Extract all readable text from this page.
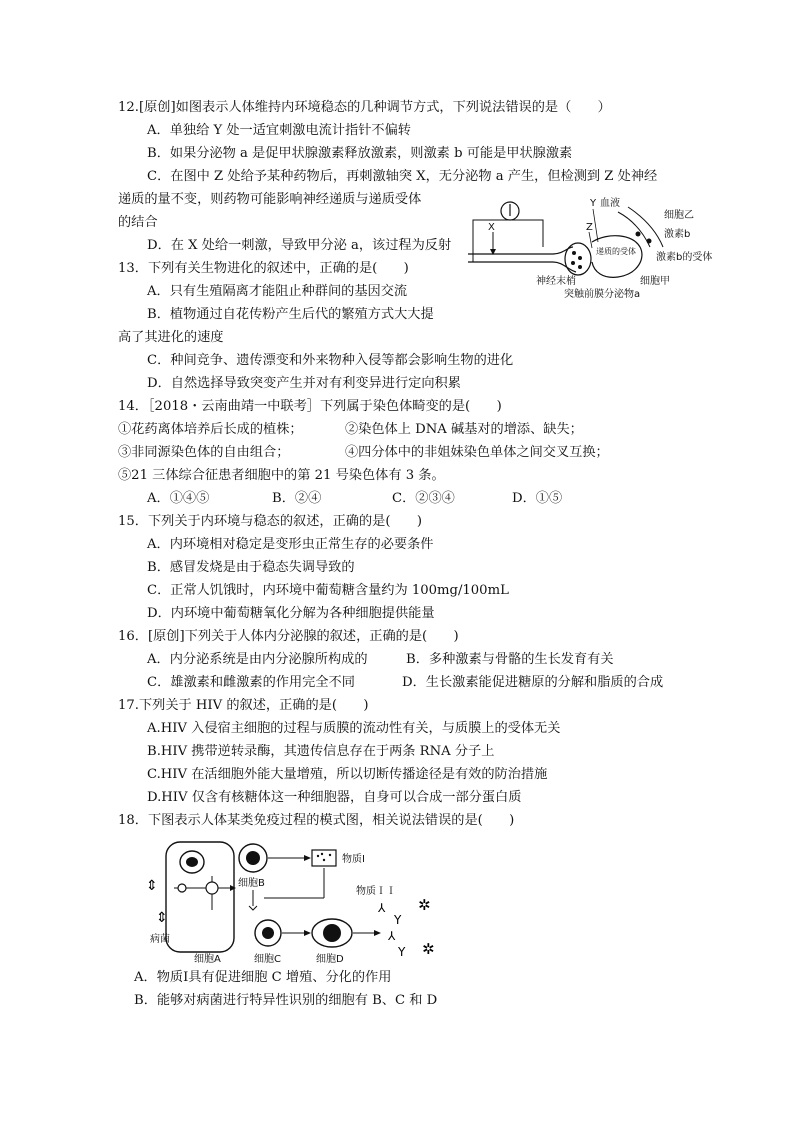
12.[原创]如图表示人体维持内环境稳态的几种调节方式，下列说法错误的是（　　）
A．单独给 Y 处一适宜刺激电流计指针不偏转
B．如果分泌物 a 是促甲状腺激素释放激素，则激素 b 可能是甲状腺激素
C．在图中 Z 处给予某种药物后，再刺激轴突 X，无分泌物 a 产生，但检测到 Z 处神经
递质的量不变，则药物可能影响神经递质与递质受体
的结合
D．在 X 处给一刺激，导致甲分泌 a，该过程为反射
X	Z
Y 血液
递质的受体
细胞乙
激素b
激素b的受体
神经末梢	细胞甲
突触前膜分泌物a
13．下列有关生物进化的叙述中，正确的是(　　)
A．只有生殖隔离才能阻止种群间的基因交流
B．植物通过自花传粉产生后代的繁殖方式大大提
高了其进化的速度
C．种间竞争、遗传漂变和外来物种入侵等都会影响生物的进化
D．自然选择导致突变产生并对有利变异进行定向积累
14．［2018・云南曲靖一中联考］下列属于染色体畸变的是(　　)
①花药离体培养后长成的植株；	②染色体上 DNA 碱基对的增添、缺失；
③非同源染色体的自由组合；	④四分体中的非姐妹染色单体之间交叉互换；
⑤21 三体综合征患者细胞中的第 21 号染色体有 3 条。
A．①④⑤	B．②④	C．②③④	D．①⑤
15．下列关于内环境与稳态的叙述，正确的是(　　)
A．内环境相对稳定是变形虫正常生存的必要条件
B．感冒发烧是由于稳态失调导致的
C．正常人饥饿时，内环境中葡萄糖含量约为 100mg/100mL
D．内环境中葡萄糖氧化分解为各种细胞提供能量
16．[原创]下列关于人体内分泌腺的叙述，正确的是(　　)
A．内分泌系统是由内分泌腺所构成的	B．多种激素与骨骼的生长发育有关
C．雄激素和雌激素的作用完全不同	D．生长激素能促进糖原的分解和脂质的合成
17.下列关于 HIV 的叙述，正确的是(　　)
A.HIV 入侵宿主细胞的过程与质膜的流动性有关，与质膜上的受体无关
B.HIV 携带逆转录酶，其遗传信息存在于两条 RNA 分子上
C.HIV 在活细胞外能大量增殖，所以切断传播途径是有效的防治措施
D.HIV 仅含有核糖体这一种细胞器，自身可以合成一部分蛋白质
18．下图表示人体某类免疫过程的模式图，相关说法错误的是(　　)
⇕
⇕
病菌
细胞A
细胞B
物质Ⅰ
细胞C	细胞D
物质ＩＩ
⅄
Y
⅄
Y
✲
✲
A．物质Ⅰ具有促进细胞 C 增殖、分化的作用
B．能够对病菌进行特异性识别的细胞有 B、C 和 D
